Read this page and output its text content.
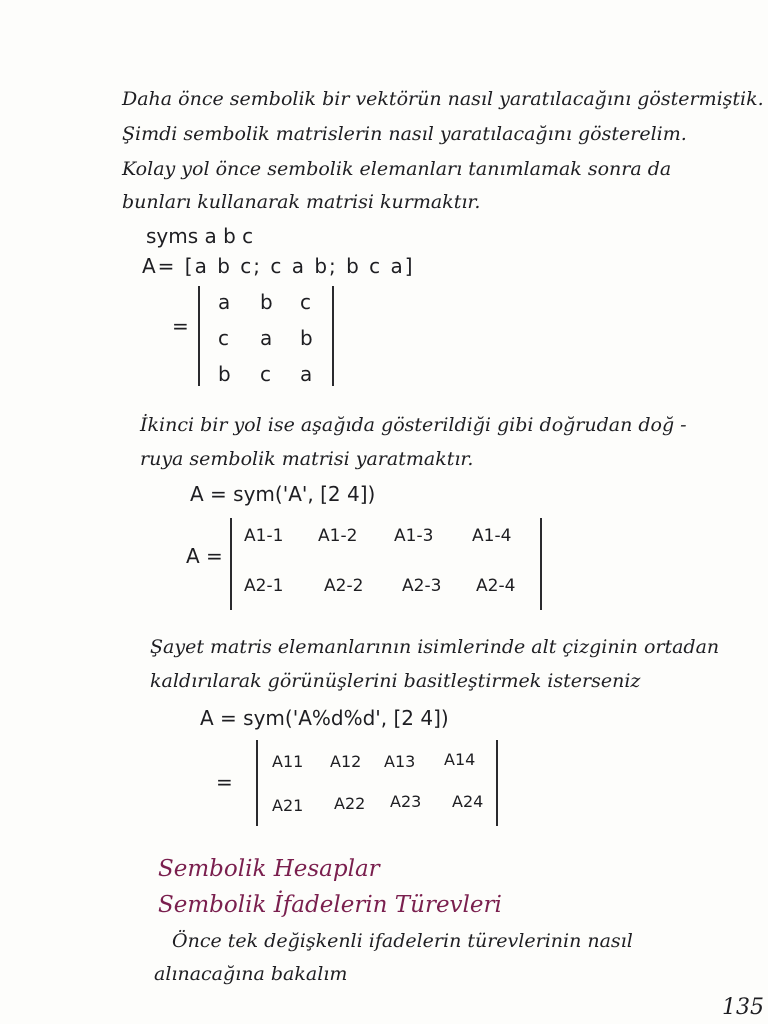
Daha önce sembolik bir vektörün nasıl yaratılacağını göstermiştik.
Şimdi sembolik matrislerin nasıl yaratılacağını gösterelim.
Kolay yol önce sembolik elemanları tanımlamak sonra da
bunları kullanarak matrisi kurmaktır.
syms a b c
A= [a b c; c a b; b c a]
=
a b c
c a b
b c a
İkinci bir yol ise aşağıda gösterildiği gibi doğrudan doğ -
ruya sembolik matrisi yaratmaktır.
A = sym('A', [2 4])
A =
A1-1 A1-2 A1-3 A1-4
A2-1 A2-2 A2-3 A2-4
Şayet matris elemanlarının isimlerinde alt çizginin ortadan
kaldırılarak görünüşlerini basitleştirmek isterseniz
A = sym('A%d%d', [2 4])
=
A11 A12 A13 A14
A21 A22 A23 A24
Sembolik Hesaplar
Sembolik İfadelerin Türevleri
Önce tek değişkenli ifadelerin türevlerinin nasıl
alınacağına bakalım
135
